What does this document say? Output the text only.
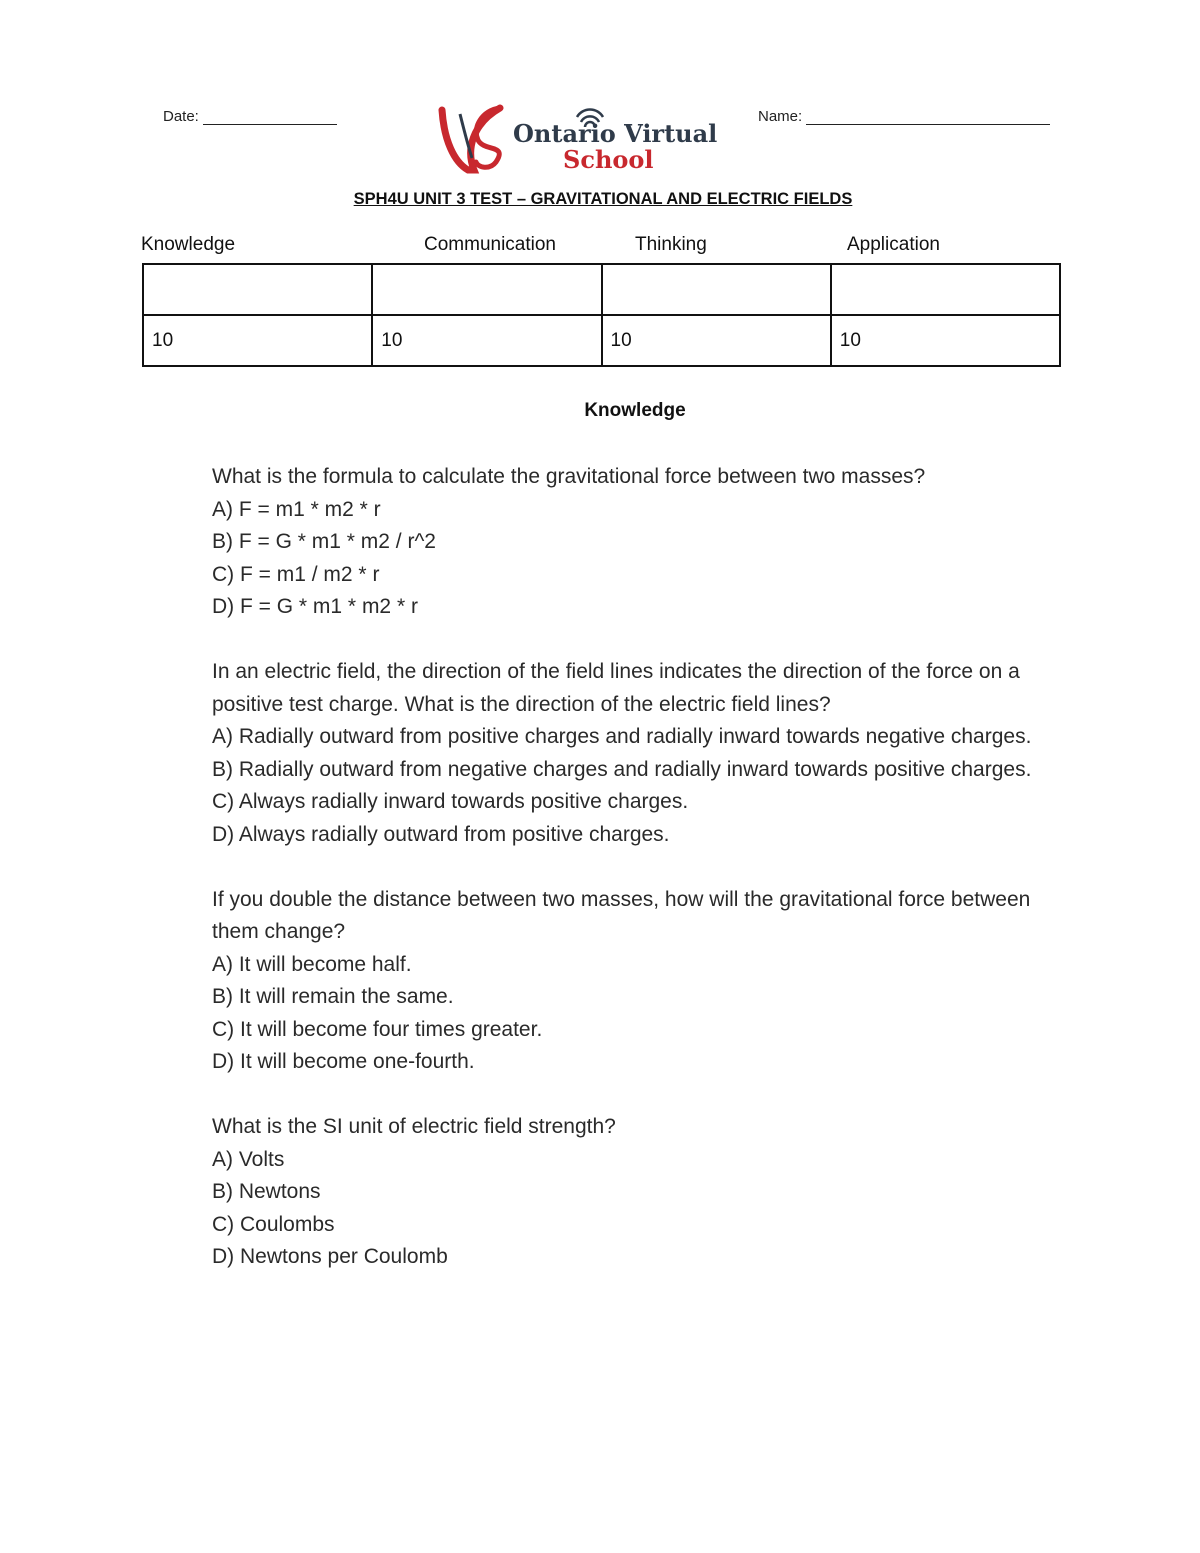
Date:	Name:
Ontario Virtual
School
SPH4U UNIT 3 TEST – GRAVITATIONAL AND ELECTRIC FIELDS
Knowledge	Communication	Thinking	Application

10	10	10	10
Knowledge
What is the formula to calculate the gravitational force between two masses?
A) F = m1 * m2 * r
B) F = G * m1 * m2 / r^2
C) F = m1 / m2 * r
D) F = G * m1 * m2 * r
In an electric field, the direction of the field lines indicates the direction of the force on a positive test charge. What is the direction of the electric field lines?
A) Radially outward from positive charges and radially inward towards negative charges.
B) Radially outward from negative charges and radially inward towards positive charges.
C) Always radially inward towards positive charges.
D) Always radially outward from positive charges.
If you double the distance between two masses, how will the gravitational force between them change?
A) It will become half.
B) It will remain the same.
C) It will become four times greater.
D) It will become one-fourth.
What is the SI unit of electric field strength?
A) Volts
B) Newtons
C) Coulombs
D) Newtons per Coulomb
